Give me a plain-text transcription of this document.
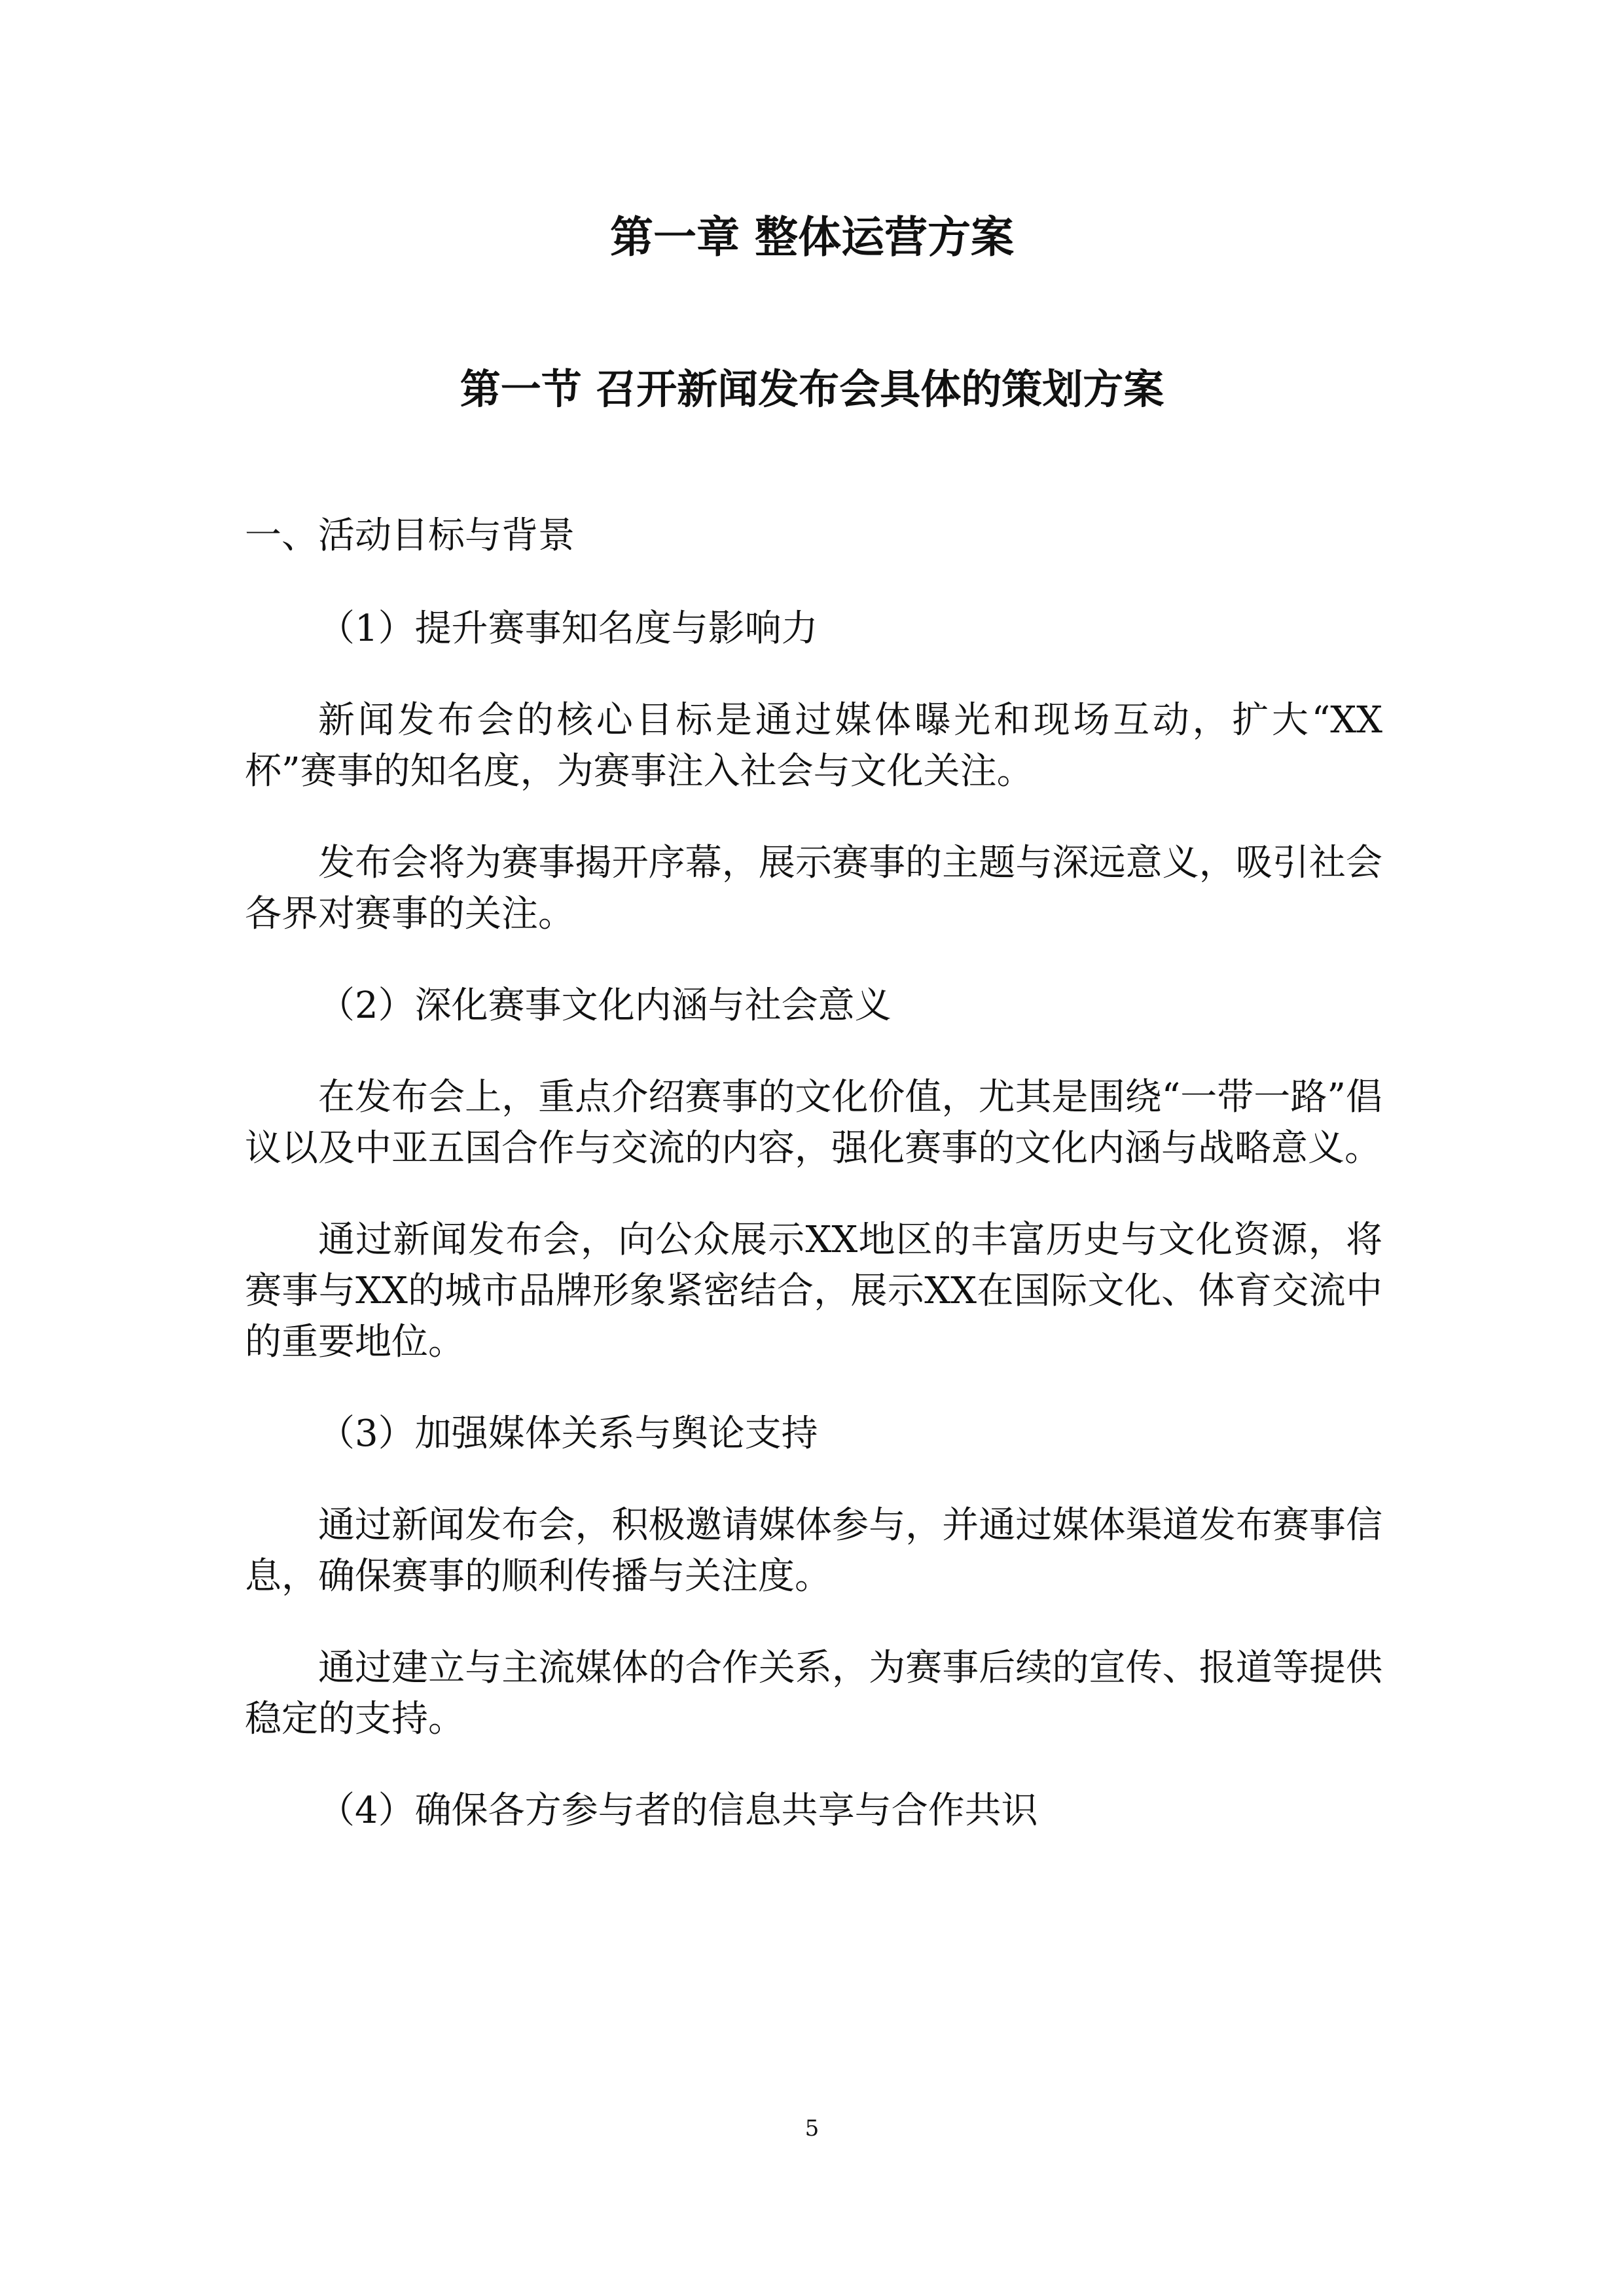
第一章 整体运营方案
第一节 召开新闻发布会具体的策划方案

一、活动目标与背景

（1）提升赛事知名度与影响力

新闻发布会的核心目标是通过媒体曝光和现场互动，扩大“XX杯”赛事的知名度，为赛事注入社会与文化关注。

发布会将为赛事揭开序幕，展示赛事的主题与深远意义，吸引社会各界对赛事的关注。

（2）深化赛事文化内涵与社会意义

在发布会上，重点介绍赛事的文化价值，尤其是围绕“一带一路”倡议以及中亚五国合作与交流的内容，强化赛事的文化内涵与战略意义。

通过新闻发布会，向公众展示XX地区的丰富历史与文化资源，将赛事与XX的城市品牌形象紧密结合，展示XX在国际文化、体育交流中的重要地位。

（3）加强媒体关系与舆论支持

通过新闻发布会，积极邀请媒体参与，并通过媒体渠道发布赛事信息，确保赛事的顺利传播与关注度。

通过建立与主流媒体的合作关系，为赛事后续的宣传、报道等提供稳定的支持。

（4）确保各方参与者的信息共享与合作共识

5
